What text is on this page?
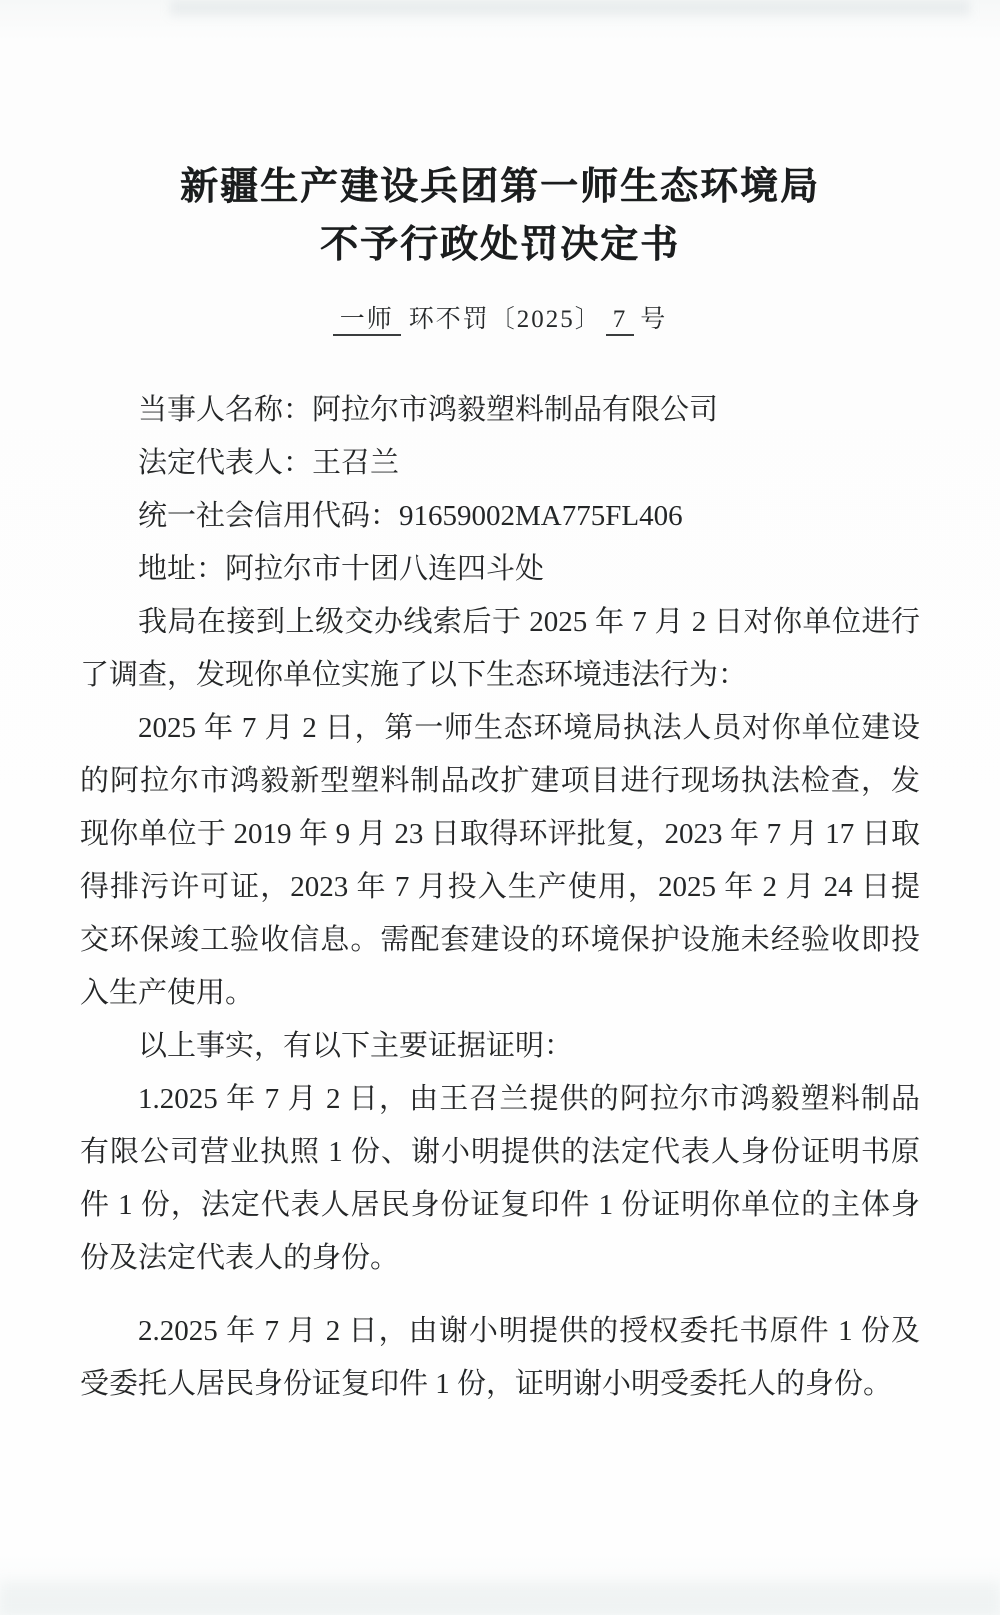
新疆生产建设兵团第一师生态环境局
不予行政处罚决定书
一师 环不罚〔2025〕 7 号

当事人名称：阿拉尔市鸿毅塑料制品有限公司

法定代表人：王召兰

统一社会信用代码：91659002MA775FL406

地址：阿拉尔市十团八连四斗处

我局在接到上级交办线索后于 2025 年 7 月 2 日对你单位进行了调查，发现你单位实施了以下生态环境违法行为：

2025 年 7 月 2 日，第一师生态环境局执法人员对你单位建设的阿拉尔市鸿毅新型塑料制品改扩建项目进行现场执法检查，发现你单位于 2019 年 9 月 23 日取得环评批复，2023 年 7 月 17 日取得排污许可证，2023 年 7 月投入生产使用，2025 年 2 月 24 日提交环保竣工验收信息。需配套建设的环境保护设施未经验收即投入生产使用。

以上事实，有以下主要证据证明：

1.2025 年 7 月 2 日，由王召兰提供的阿拉尔市鸿毅塑料制品有限公司营业执照 1 份、谢小明提供的法定代表人身份证明书原件 1 份，法定代表人居民身份证复印件 1 份证明你单位的主体身份及法定代表人的身份。

2.2025 年 7 月 2 日，由谢小明提供的授权委托书原件 1 份及受委托人居民身份证复印件 1 份，证明谢小明受委托人的身份。
